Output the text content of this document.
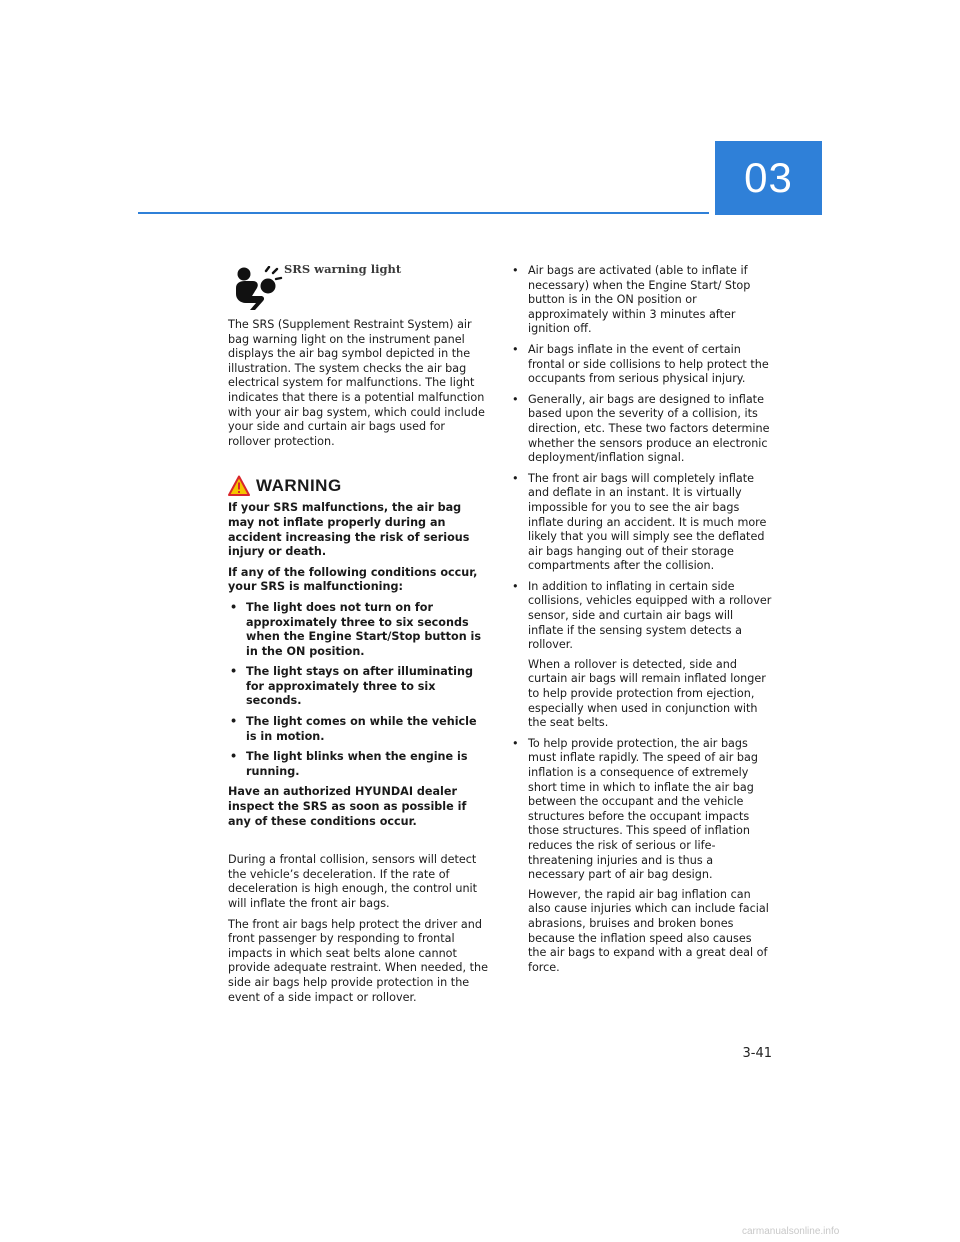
03
SRS warning light

The SRS (Supplement Restraint System) air bag warning light on the instrument panel displays the air bag symbol depicted in the illustration. The system checks the air bag electrical system for malfunctions. The light indicates that there is a potential malfunction with your air bag system, which could include your side and curtain air bags used for rollover protection.

WARNING

If your SRS malfunctions, the air bag may not inflate properly during an accident increasing the risk of serious injury or death.

If any of the following conditions occur, your SRS is malfunctioning:

• The light does not turn on for approximately three to six seconds when the Engine Start/Stop button is in the ON position.
• The light stays on after illuminating for approximately three to six seconds.
• The light comes on while the vehicle is in motion.
• The light blinks when the engine is running.

Have an authorized HYUNDAI dealer inspect the SRS as soon as possible if any of these conditions occur.

During a frontal collision, sensors will detect the vehicle’s deceleration. If the rate of deceleration is high enough, the control unit will inflate the front air bags.

The front air bags help protect the driver and front passenger by responding to frontal impacts in which seat belts alone cannot provide adequate restraint. When needed, the side air bags help provide protection in the event of a side impact or rollover.

• Air bags are activated (able to inflate if necessary) when the Engine Start/ Stop button is in the ON position or approximately within 3 minutes after ignition off.
• Air bags inflate in the event of certain frontal or side collisions to help protect the occupants from serious physical injury.
• Generally, air bags are designed to inflate based upon the severity of a collision, its direction, etc. These two factors determine whether the sensors produce an electronic deployment/inflation signal.
• The front air bags will completely inflate and deflate in an instant. It is virtually impossible for you to see the air bags inflate during an accident. It is much more likely that you will simply see the deflated air bags hanging out of their storage compartments after the collision.
• In addition to inflating in certain side collisions, vehicles equipped with a rollover sensor, side and curtain air bags will inflate if the sensing system detects a rollover.

When a rollover is detected, side and curtain air bags will remain inflated longer to help provide protection from ejection, especially when used in conjunction with the seat belts.

• To help provide protection, the air bags must inflate rapidly. The speed of air bag inflation is a consequence of extremely short time in which to inflate the air bag between the occupant and the vehicle structures before the occupant impacts those structures. This speed of inflation reduces the risk of serious or life-threatening injuries and is thus a necessary part of air bag design.

However, the rapid air bag inflation can also cause injuries which can include facial abrasions, bruises and broken bones because the inflation speed also causes the air bags to expand with a great deal of force.

3-41
carmanualsonline.info
